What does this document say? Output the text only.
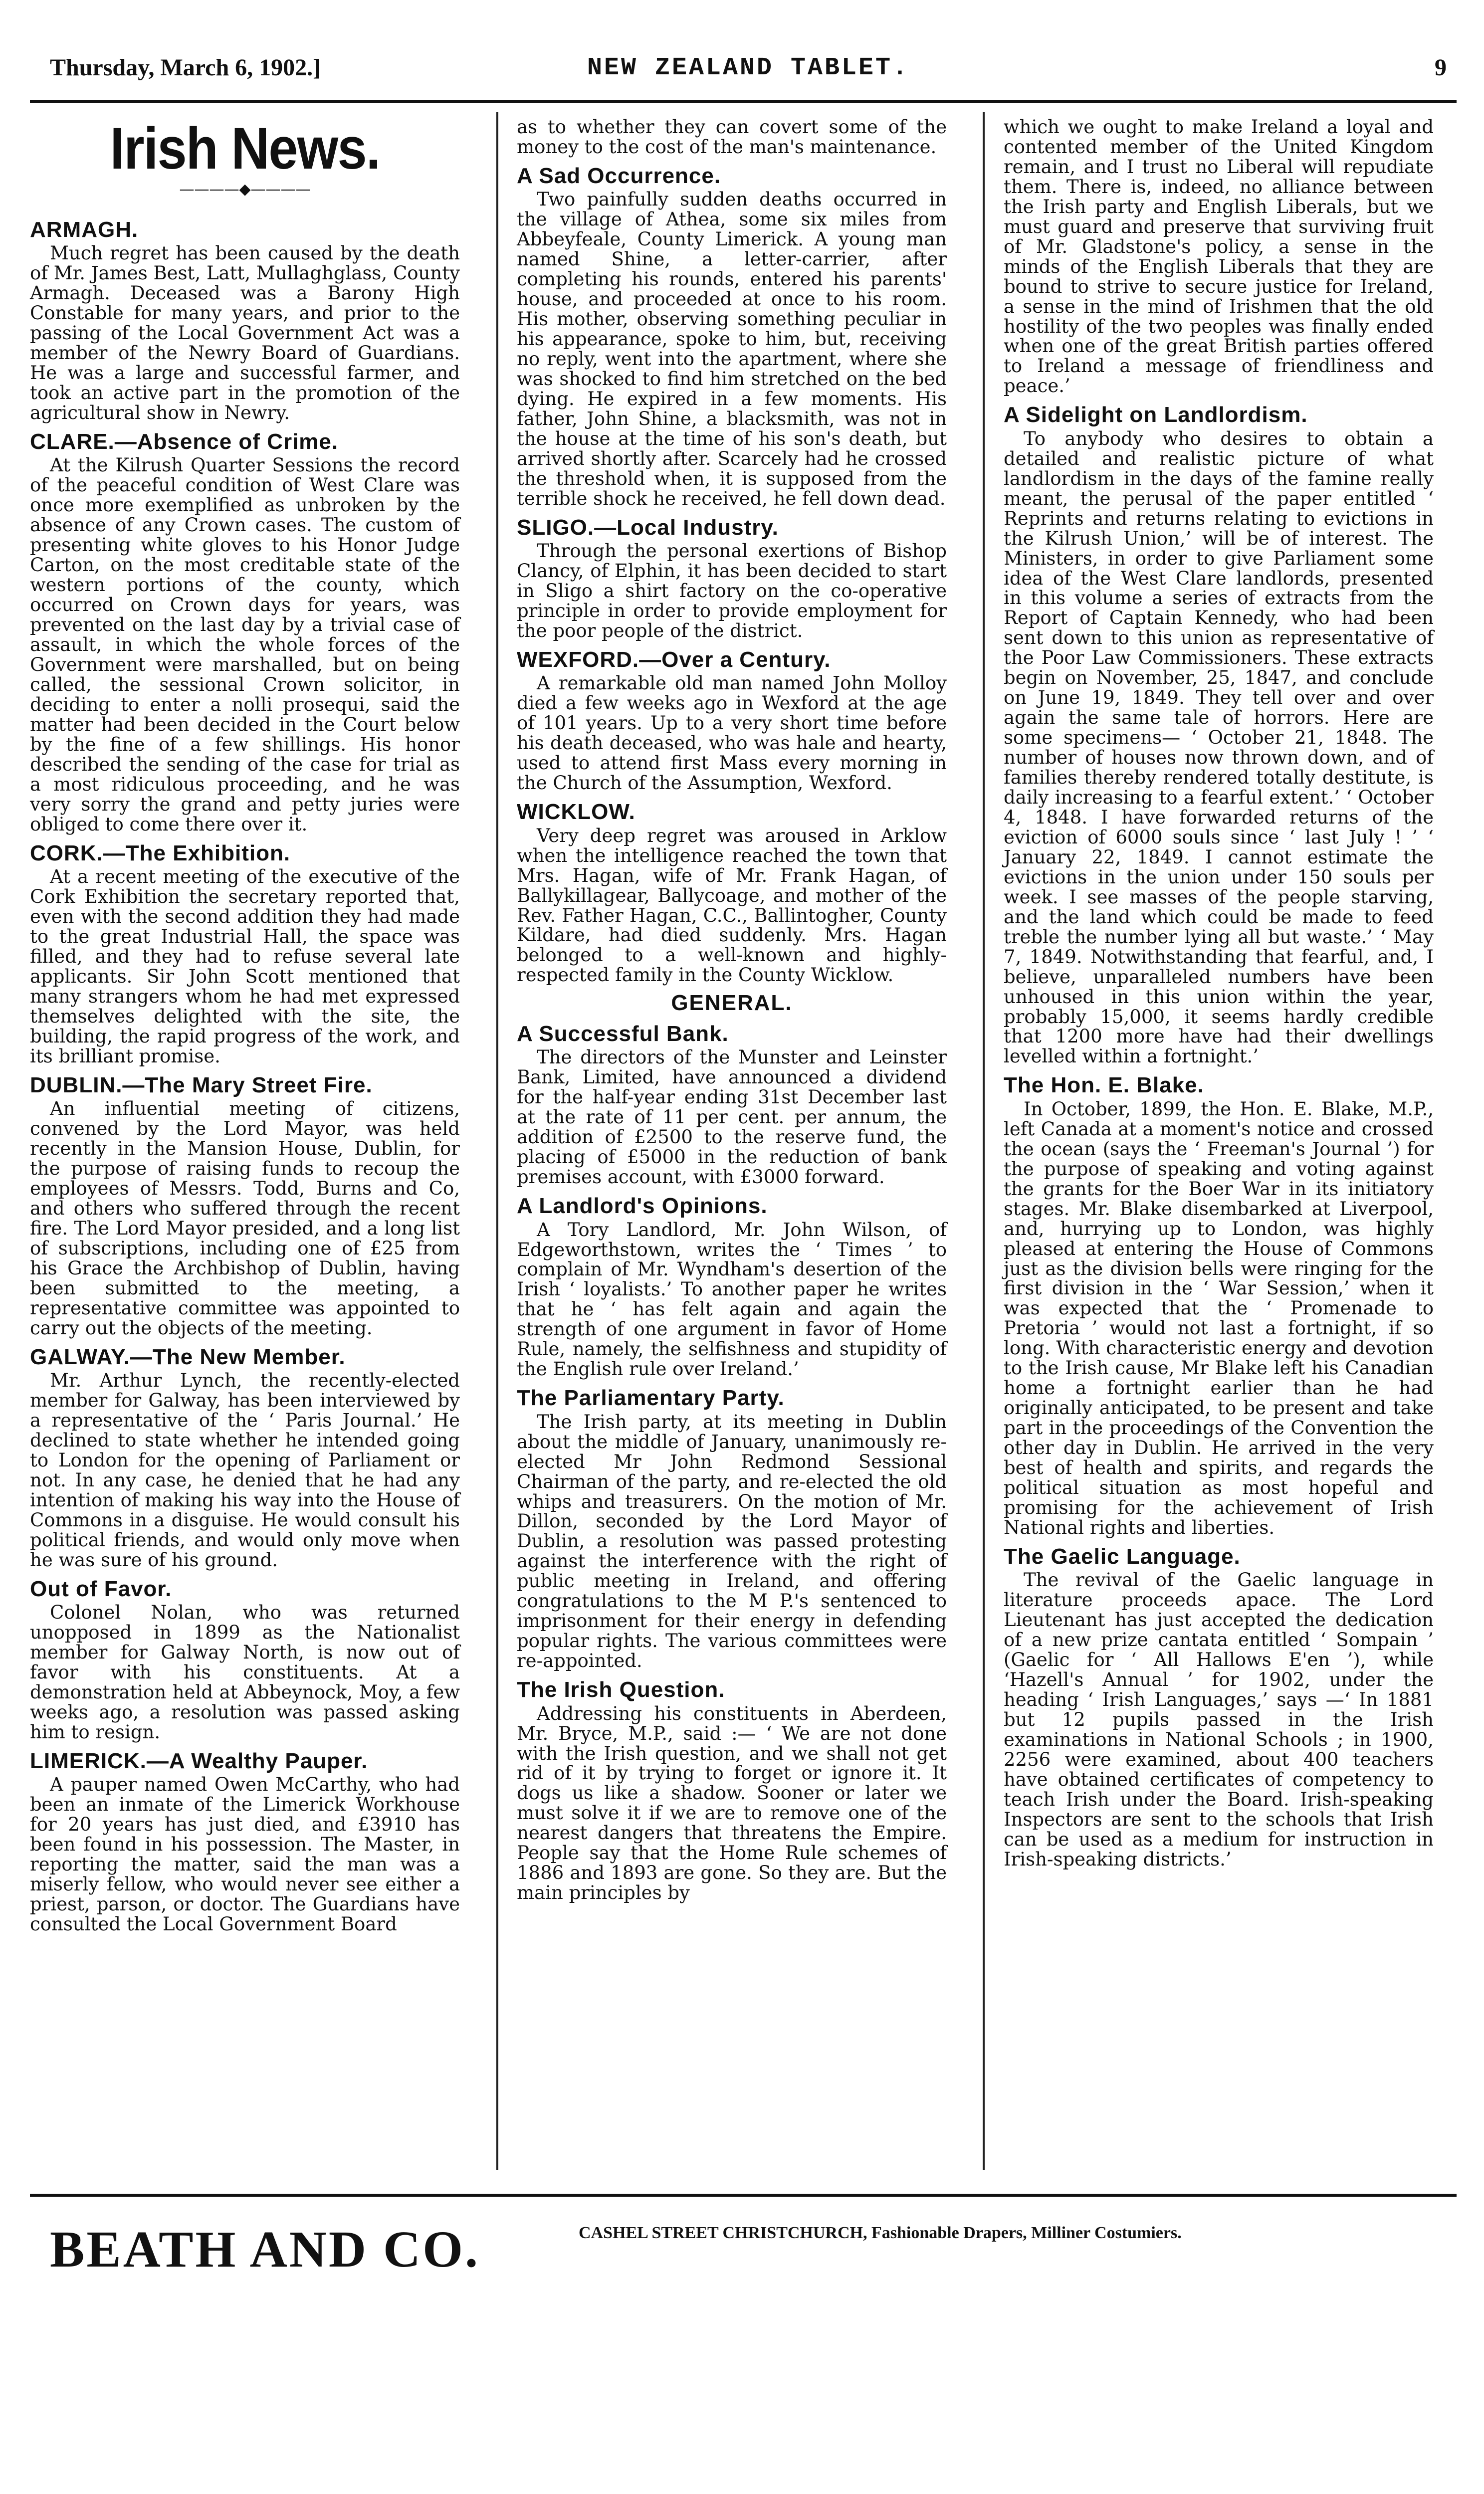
Thursday, March 6, 1902.]	NEW ZEALAND TABLET.	9
Irish News.
————◆————
ARMAGH.

Much regret has been caused by the death of Mr. James Best, Latt, Mullaghglass, County Armagh. Deceased was a Barony High Constable for many years, and prior to the passing of the Local Government Act was a member of the Newry Board of Guardians. He was a large and successful farmer, and took an active part in the promotion of the agricultural show in Newry.

CLARE.—Absence of Crime.

At the Kilrush Quarter Sessions the record of the peaceful condition of West Clare was once more exemplified as unbroken by the absence of any Crown cases. The custom of presenting white gloves to his Honor Judge Carton, on the most creditable state of the western portions of the county, which occurred on Crown days for years, was prevented on the last day by a trivial case of assault, in which the whole forces of the Government were marshalled, but on being called, the sessional Crown solicitor, in deciding to enter a nolli prosequi, said the matter had been decided in the Court below by the fine of a few shillings. His honor described the sending of the case for trial as a most ridiculous proceeding, and he was very sorry the grand and petty juries were obliged to come there over it.

CORK.—The Exhibition.

At a recent meeting of the executive of the Cork Exhibition the secretary reported that, even with the second addition they had made to the great Industrial Hall, the space was filled, and they had to refuse several late applicants. Sir John Scott mentioned that many strangers whom he had met expressed themselves delighted with the site, the building, the rapid progress of the work, and its brilliant promise.

DUBLIN.—The Mary Street Fire.

An influential meeting of citizens, convened by the Lord Mayor, was held recently in the Mansion House, Dublin, for the purpose of raising funds to recoup the employees of Messrs. Todd, Burns and Co, and others who suffered through the recent fire. The Lord Mayor presided, and a long list of subscriptions, including one of £25 from his Grace the Archbishop of Dublin, having been submitted to the meeting, a representative committee was appointed to carry out the objects of the meeting.

GALWAY.—The New Member.

Mr. Arthur Lynch, the recently-elected member for Galway, has been interviewed by a representative of the ‘ Paris Journal.’ He declined to state whether he intended going to London for the opening of Parliament or not. In any case, he denied that he had any intention of making his way into the House of Commons in a disguise. He would consult his political friends, and would only move when he was sure of his ground.

Out of Favor.

Colonel Nolan, who was returned unopposed in 1899 as the Nationalist member for Galway North, is now out of favor with his constituents. At a demonstration held at Abbeynock, Moy, a few weeks ago, a resolution was passed asking him to resign.

LIMERICK.—A Wealthy Pauper.

A pauper named Owen McCarthy, who had been an inmate of the Limerick Workhouse for 20 years has just died, and £3910 has been found in his possession. The Master, in reporting the matter, said the man was a miserly fellow, who would never see either a priest, parson, or doctor. The Guardians have consulted the Local Government Board

as to whether they can covert some of the money to the cost of the man's maintenance.

A Sad Occurrence.

Two painfully sudden deaths occurred in the village of Athea, some six miles from Abbeyfeale, County Limerick. A young man named Shine, a letter-carrier, after completing his rounds, entered his parents' house, and proceeded at once to his room. His mother, observing something peculiar in his appearance, spoke to him, but, receiving no reply, went into the apartment, where she was shocked to find him stretched on the bed dying. He expired in a few moments. His father, John Shine, a blacksmith, was not in the house at the time of his son's death, but arrived shortly after. Scarcely had he crossed the threshold when, it is supposed from the terrible shock he received, he fell down dead.

SLIGO.—Local Industry.

Through the personal exertions of Bishop Clancy, of Elphin, it has been decided to start in Sligo a shirt factory on the co-operative principle in order to provide employment for the poor people of the district.

WEXFORD.—Over a Century.

A remarkable old man named John Molloy died a few weeks ago in Wexford at the age of 101 years. Up to a very short time before his death deceased, who was hale and hearty, used to attend first Mass every morning in the Church of the Assumption, Wexford.

WICKLOW.

Very deep regret was aroused in Arklow when the intelligence reached the town that Mrs. Hagan, wife of Mr. Frank Hagan, of Ballykillagear, Ballycoage, and mother of the Rev. Father Hagan, C.C., Ballintogher, County Kildare, had died suddenly. Mrs. Hagan belonged to a well-known and highly-respected family in the County Wicklow.

GENERAL.
A Successful Bank.

The directors of the Munster and Leinster Bank, Limited, have announced a dividend for the half-year ending 31st December last at the rate of 11 per cent. per annum, the addition of £2500 to the reserve fund, the placing of £5000 in the reduction of bank premises account, with £3000 forward.

A Landlord's Opinions.

A Tory Landlord, Mr. John Wilson, of Edgeworthstown, writes the ‘ Times ’ to complain of Mr. Wyndham's desertion of the Irish ‘ loyalists.’ To another paper he writes that he ‘ has felt again and again the strength of one argument in favor of Home Rule, namely, the selfishness and stupidity of the English rule over Ireland.’

The Parliamentary Party.

The Irish party, at its meeting in Dublin about the middle of January, unanimously re-elected Mr John Redmond Sessional Chairman of the party, and re-elected the old whips and treasurers. On the motion of Mr. Dillon, seconded by the Lord Mayor of Dublin, a resolution was passed protesting against the interference with the right of public meeting in Ireland, and offering congratulations to the M P.'s sentenced to imprisonment for their energy in defending popular rights. The various committees were re-appointed.

The Irish Question.

Addressing his constituents in Aberdeen, Mr. Bryce, M.P., said :— ‘ We are not done with the Irish question, and we shall not get rid of it by trying to forget or ignore it. It dogs us like a shadow. Sooner or later we must solve it if we are to remove one of the nearest dangers that threatens the Empire. People say that the Home Rule schemes of 1886 and 1893 are gone. So they are. But the main principles by

which we ought to make Ireland a loyal and contented member of the United Kingdom remain, and I trust no Liberal will repudiate them. There is, indeed, no alliance between the Irish party and English Liberals, but we must guard and preserve that surviving fruit of Mr. Gladstone's policy, a sense in the minds of the English Liberals that they are bound to strive to secure justice for Ireland, a sense in the mind of Irishmen that the old hostility of the two peoples was finally ended when one of the great British parties offered to Ireland a message of friendliness and peace.’

A Sidelight on Landlordism.

To anybody who desires to obtain a detailed and realistic picture of what landlordism in the days of the famine really meant, the perusal of the paper entitled ‘ Reprints and returns relating to evictions in the Kilrush Union,’ will be of interest. The Ministers, in order to give Parliament some idea of the West Clare landlords, presented in this volume a series of extracts from the Report of Captain Kennedy, who had been sent down to this union as representative of the Poor Law Commissioners. These extracts begin on November, 25, 1847, and conclude on June 19, 1849. They tell over and over again the same tale of horrors. Here are some specimens— ‘ October 21, 1848. The number of houses now thrown down, and of families thereby rendered totally destitute, is daily increasing to a fearful extent.’ ‘ October 4, 1848. I have forwarded returns of the eviction of 6000 souls since ‘ last July ! ’ ‘ January 22, 1849. I cannot estimate the evictions in the union under 150 souls per week. I see masses of the people starving, and the land which could be made to feed treble the number lying all but waste.’ ‘ May 7, 1849. Notwithstanding that fearful, and, I believe, unparalleled numbers have been unhoused in this union within the year, probably 15,000, it seems hardly credible that 1200 more have had their dwellings levelled within a fortnight.’

The Hon. E. Blake.

In October, 1899, the Hon. E. Blake, M.P., left Canada at a moment's notice and crossed the ocean (says the ‘ Freeman's Journal ’) for the purpose of speaking and voting against the grants for the Boer War in its initiatory stages. Mr. Blake disembarked at Liverpool, and, hurrying up to London, was highly pleased at entering the House of Commons just as the division bells were ringing for the first division in the ‘ War Session,’ when it was expected that the ‘ Promenade to Pretoria ’ would not last a fortnight, if so long. With characteristic energy and devotion to the Irish cause, Mr Blake left his Canadian home a fortnight earlier than he had originally anticipated, to be present and take part in the proceedings of the Convention the other day in Dublin. He arrived in the very best of health and spirits, and regards the political situation as most hopeful and promising for the achievement of Irish National rights and liberties.

The Gaelic Language.

The revival of the Gaelic language in literature proceeds apace. The Lord Lieutenant has just accepted the dedication of a new prize cantata entitled ‘ Sompain ’ (Gaelic for ‘ All Hallows E'en ’), while ‘Hazell's Annual ’ for 1902, under the heading ‘ Irish Languages,’ says —‘ In 1881 but 12 pupils passed in the Irish examinations in National Schools ; in 1900, 2256 were examined, about 400 teachers have obtained certificates of competency to teach Irish under the Board. Irish-speaking Inspectors are sent to the schools that Irish can be used as a medium for instruction in Irish-speaking districts.’

BEATH AND CO.	CASHEL STREET CHRISTCHURCH, Fashionable Drapers, Milliner Costumiers.
